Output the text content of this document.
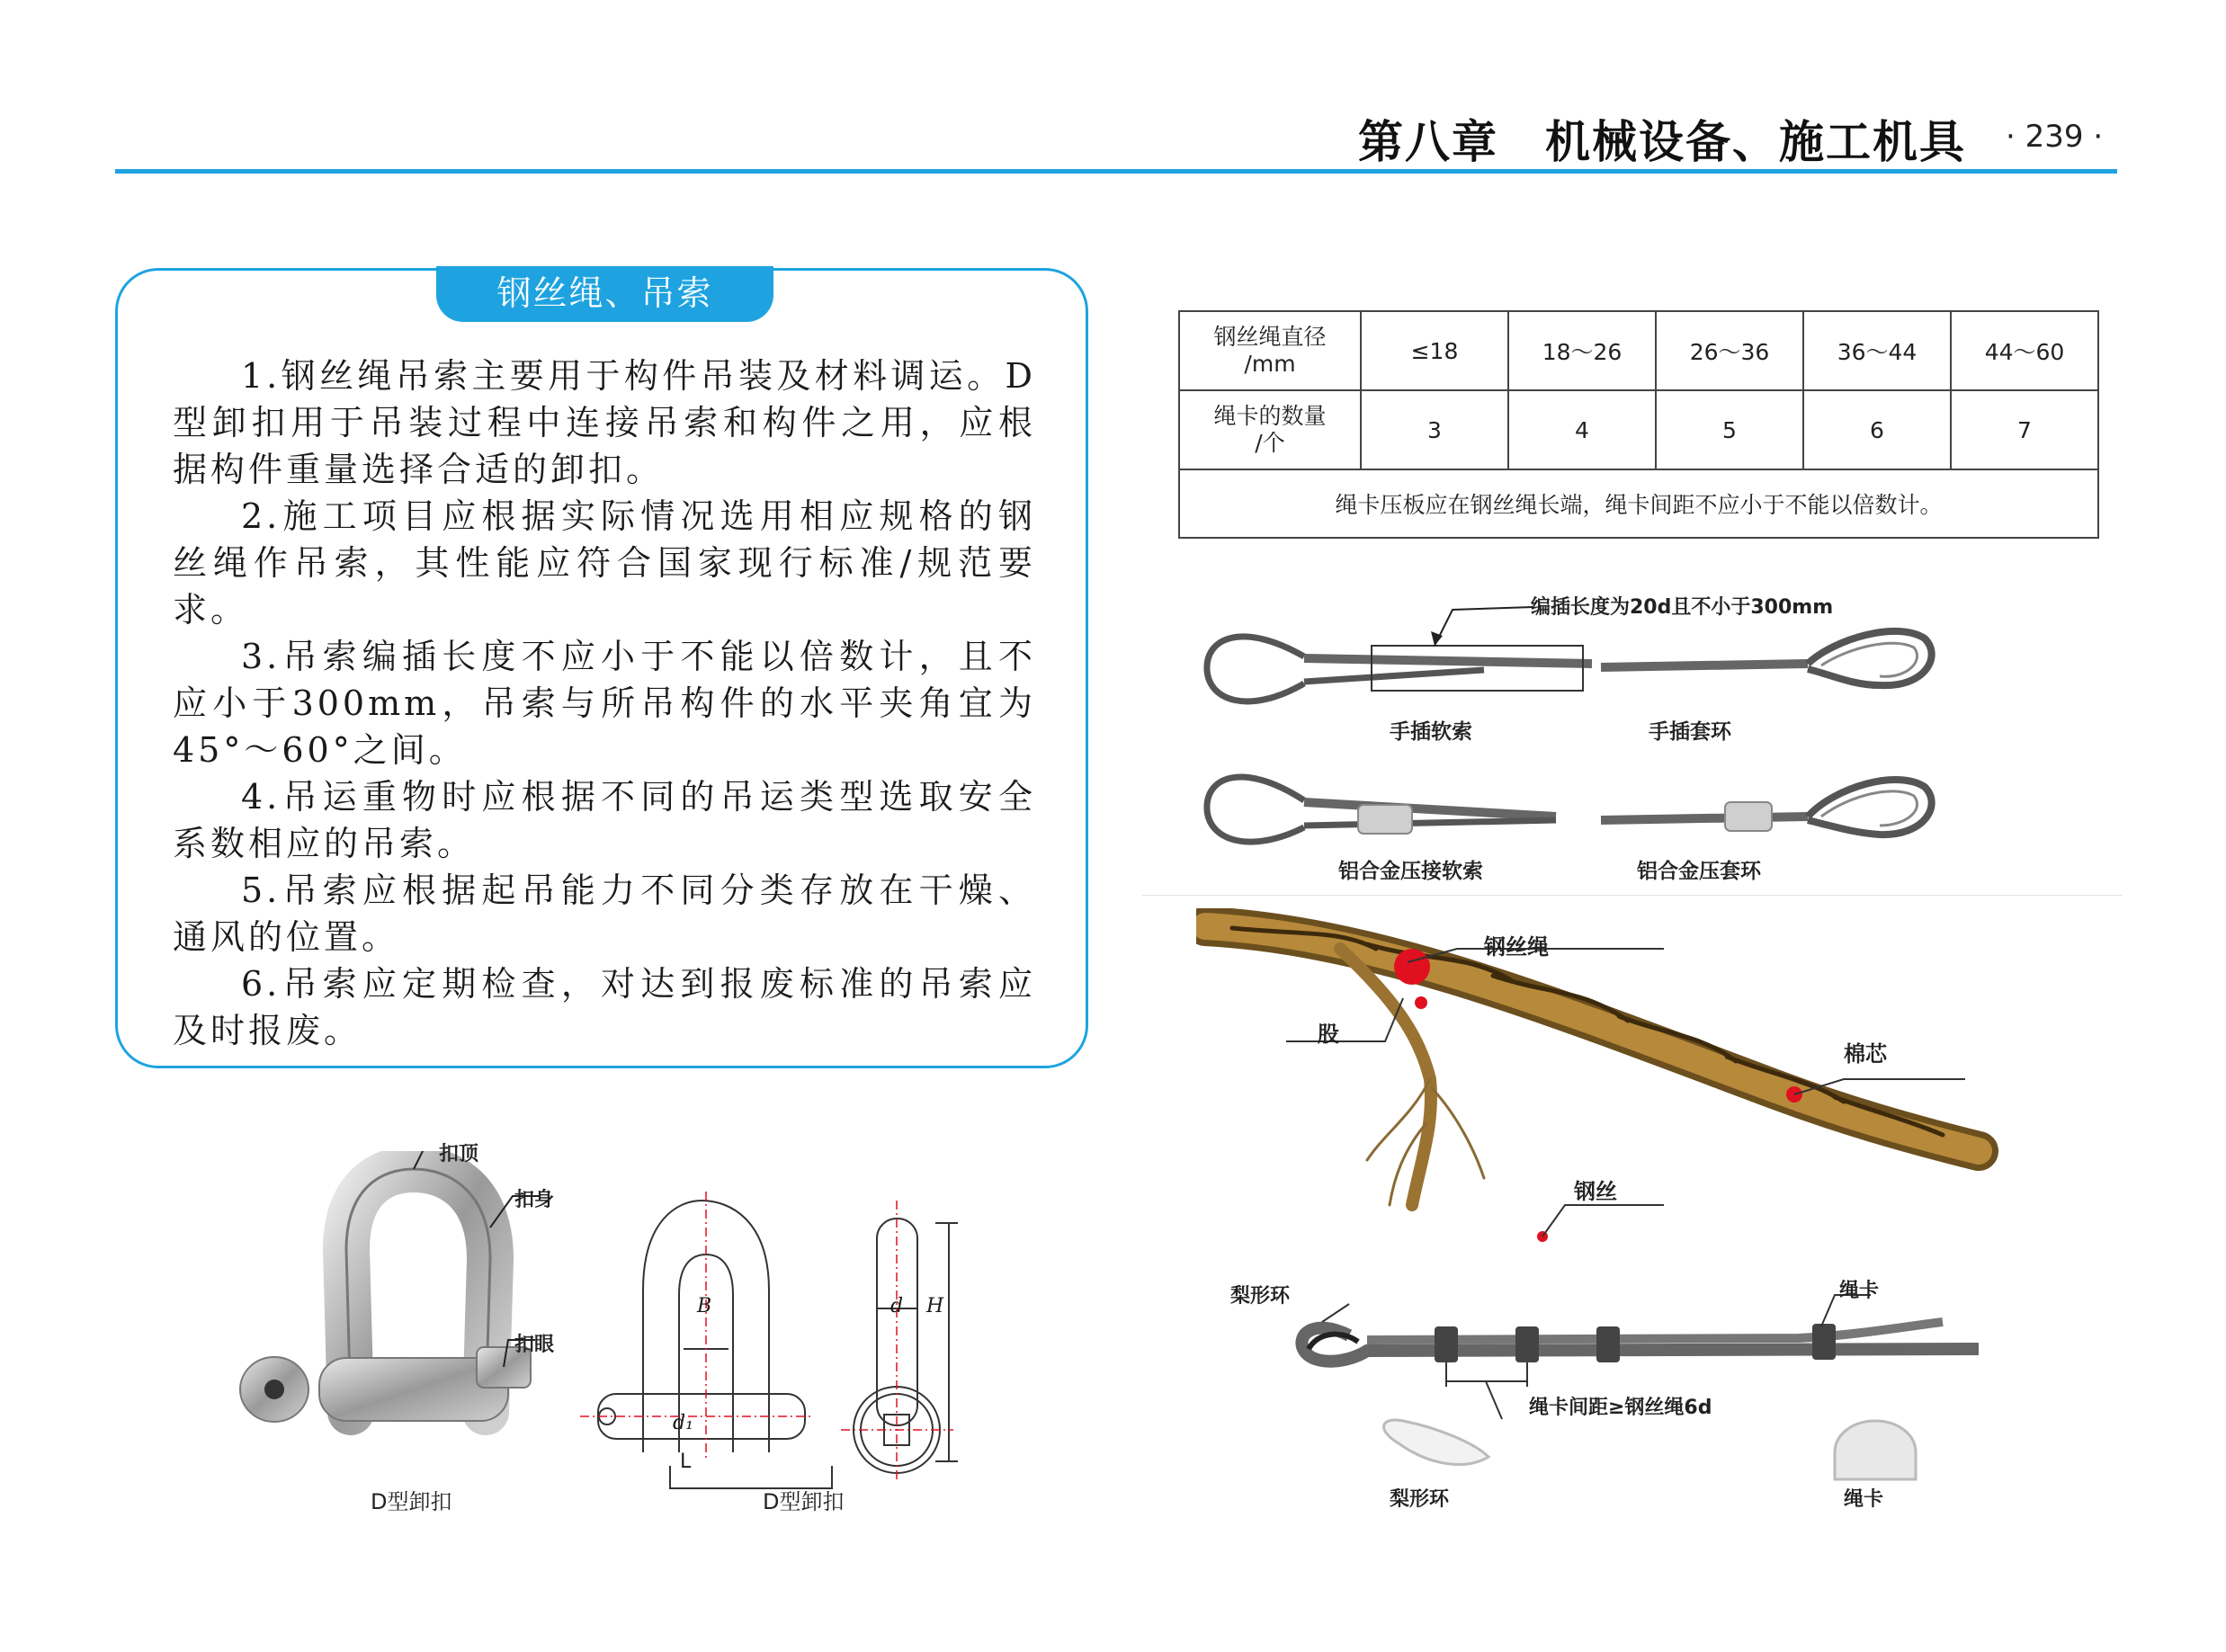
第八章　机械设备、施工机具 · 239 ·
钢丝绳、吊索

1.钢丝绳吊索主要用于构件吊装及材料调运。D型卸扣用于吊装过程中连接吊索和构件之用，应根据构件重量选择合适的卸扣。

2.施工项目应根据实际情况选用相应规格的钢丝绳作吊索，其性能应符合国家现行标准/规范要求。

3.吊索编插长度不应小于不能以倍数计，且不应小于300mm，吊索与所吊构件的水平夹角宜为45°～60°之间。

4.吊运重物时应根据不同的吊运类型选取安全系数相应的吊索。

5.吊索应根据起吊能力不同分类存放在干燥、通风的位置。

6.吊索应定期检查，对达到报废标准的吊索应及时报废。

钢丝绳直径
/mm	≤18	18～26	26～36	36～44	44～60
绳卡的数量
/个	3	4	5	6	7
绳卡压板应在钢丝绳长端，绳卡间距不应小于不能以倍数计。					
编插长度为20d且不小于300mm
手插软索	手插套环
铝合金压接软索	铝合金压套环
钢丝绳
股
棉芯
钢丝
梨形环	绳卡
绳卡间距≥钢丝绳6d
梨形环	绳卡
扣顶
扣身
扣眼
D型卸扣
B
d₁
L
d H
D型卸扣
